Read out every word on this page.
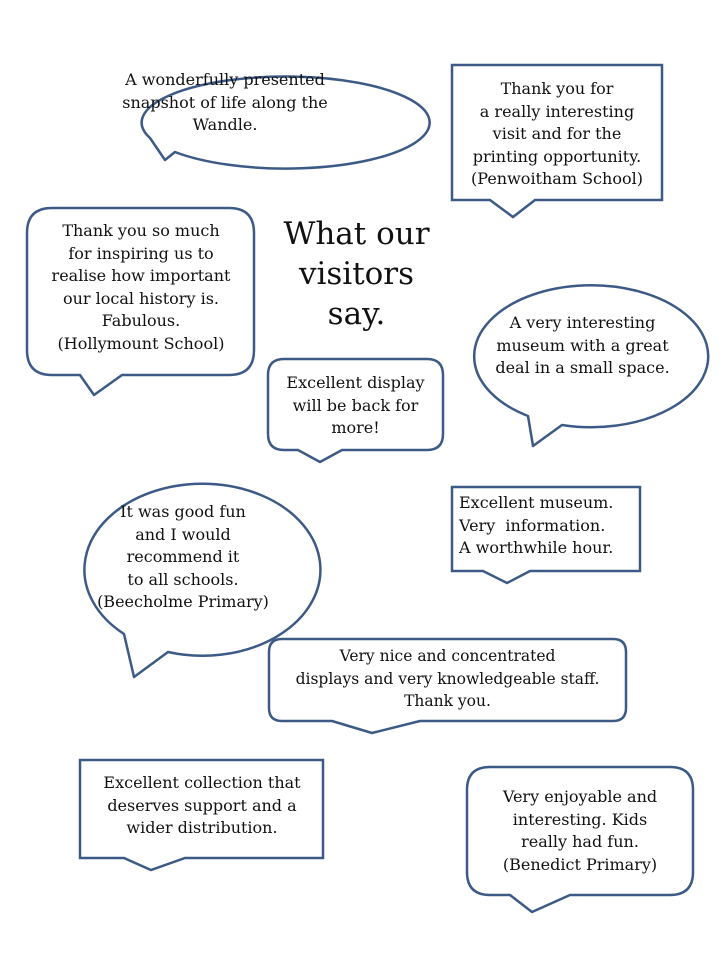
What our
visitors
say.
A wonderfully presented
snapshot of life along the
Wandle.
Thank you for
a really interesting
visit and for the
printing opportunity.
(Penwoitham School)
Thank you so much
for inspiring us to
realise how important
our local history is.
Fabulous.
(Hollymount School)
A very interesting
museum with a great
deal in a small space.
Excellent display
will be back for
more!
It was good fun
and I would
recommend it
to all schools.
(Beecholme Primary)
Excellent museum.
Very  information.
A worthwhile hour.
Very nice and concentrated
displays and very knowledgeable staff.
Thank you.
Excellent collection that
deserves support and a
wider distribution.
Very enjoyable and
interesting. Kids
really had fun.
(Benedict Primary)
